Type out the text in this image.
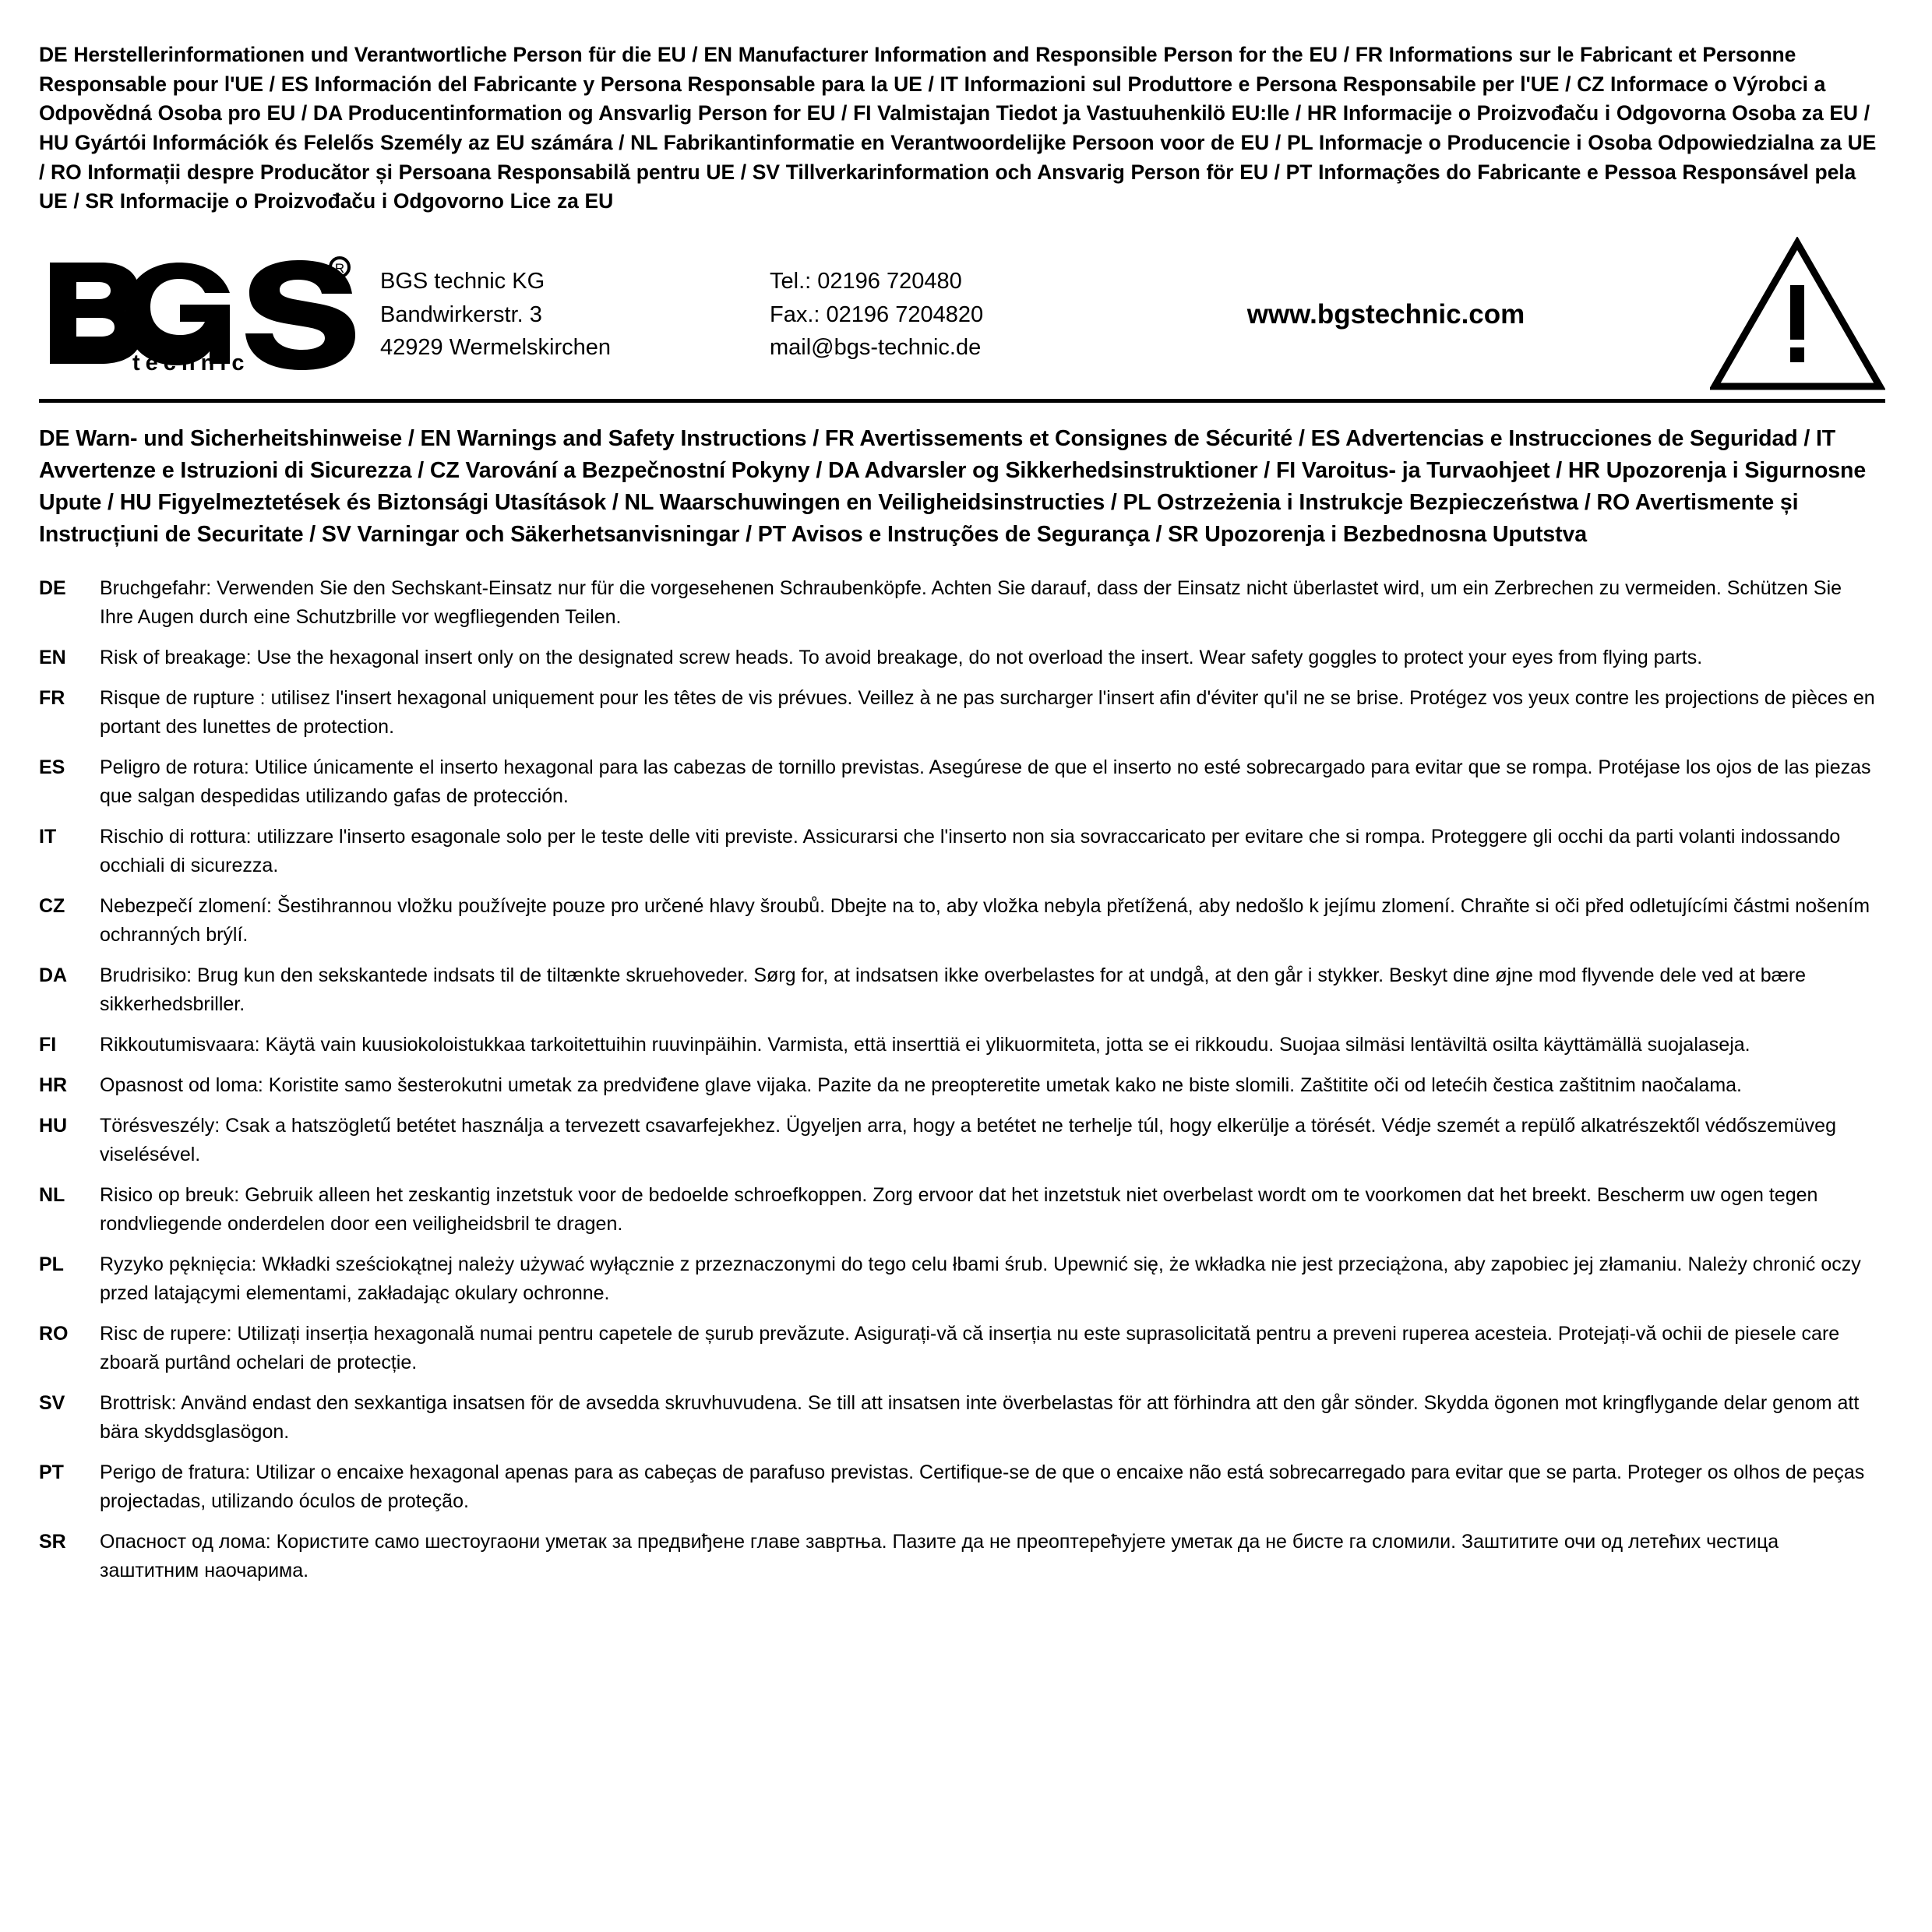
DE Herstellerinformationen und Verantwortliche Person für die EU / EN Manufacturer Information and Responsible Person for the EU / FR Informations sur le Fabricant et Personne Responsable pour l'UE / ES Información del Fabricante y Persona Responsable para la UE / IT Informazioni sul Produttore e Persona Responsabile per l'UE / CZ Informace o Výrobci a Odpovědná Osoba pro EU / DA Producentinformation og Ansvarlig Person for EU / FI Valmistajan Tiedot ja Vastuuhenkilö EU:lle / HR Informacije o Proizvođaču i Odgovorna Osoba za EU / HU Gyártói Információk és Felelős Személy az EU számára / NL Fabrikantinformatie en Verantwoordelijke Persoon voor de EU / PL Informacje o Producencie i Osoba Odpowiedzialna za UE / RO Informații despre Producător și Persoana Responsabilă pentru UE / SV Tillverkarinformation och Ansvarig Person för EU / PT Informações do Fabricante e Pessoa Responsável pela UE / SR Informacije o Proizvođaču i Odgovorno Lice za EU
R
technic
BGS technic KG
Bandwirkerstr. 3
42929 Wermelskirchen
Tel.: 02196 720480
Fax.: 02196 7204820
mail@bgs-technic.de
www.bgstechnic.com
DE Warn- und Sicherheitshinweise / EN Warnings and Safety Instructions / FR Avertissements et Consignes de Sécurité / ES Advertencias e Instrucciones de Seguridad / IT Avvertenze e Istruzioni di Sicurezza / CZ Varování a Bezpečnostní Pokyny / DA Advarsler og Sikkerhedsinstruktioner / FI Varoitus- ja Turvaohjeet / HR Upozorenja i Sigurnosne Upute / HU Figyelmeztetések és Biztonsági Utasítások / NL Waarschuwingen en Veiligheidsinstructies / PL Ostrzeżenia i Instrukcje Bezpieczeństwa / RO Avertismente și Instrucțiuni de Securitate / SV Varningar och Säkerhetsanvisningar / PT Avisos e Instruções de Segurança / SR Upozorenja i Bezbednosna Uputstva
DE	Bruchgefahr: Verwenden Sie den Sechskant-Einsatz nur für die vorgesehenen Schraubenköpfe. Achten Sie darauf, dass der Einsatz nicht überlastet wird, um ein Zerbrechen zu vermeiden. Schützen Sie Ihre Augen durch eine Schutzbrille vor wegfliegenden Teilen.
EN	Risk of breakage: Use the hexagonal insert only on the designated screw heads. To avoid breakage, do not overload the insert. Wear safety goggles to protect your eyes from flying parts.
FR	Risque de rupture : utilisez l'insert hexagonal uniquement pour les têtes de vis prévues. Veillez à ne pas surcharger l'insert afin d'éviter qu'il ne se brise. Protégez vos yeux contre les projections de pièces en portant des lunettes de protection.
ES	Peligro de rotura: Utilice únicamente el inserto hexagonal para las cabezas de tornillo previstas. Asegúrese de que el inserto no esté sobrecargado para evitar que se rompa. Protéjase los ojos de las piezas que salgan despedidas utilizando gafas de protección.
IT	Rischio di rottura: utilizzare l'inserto esagonale solo per le teste delle viti previste. Assicurarsi che l'inserto non sia sovraccaricato per evitare che si rompa. Proteggere gli occhi da parti volanti indossando occhiali di sicurezza.
CZ	Nebezpečí zlomení: Šestihrannou vložku používejte pouze pro určené hlavy šroubů. Dbejte na to, aby vložka nebyla přetížená, aby nedošlo k jejímu zlomení. Chraňte si oči před odletujícími částmi nošením ochranných brýlí.
DA	Brudrisiko: Brug kun den sekskantede indsats til de tiltænkte skruehoveder. Sørg for, at indsatsen ikke overbelastes for at undgå, at den går i stykker. Beskyt dine øjne mod flyvende dele ved at bære sikkerhedsbriller.
FI	Rikkoutumisvaara: Käytä vain kuusiokoloistukkaa tarkoitettuihin ruuvinpäihin. Varmista, että inserttiä ei ylikuormiteta, jotta se ei rikkoudu. Suojaa silmäsi lentäviltä osilta käyttämällä suojalaseja.
HR	Opasnost od loma: Koristite samo šesterokutni umetak za predviđene glave vijaka. Pazite da ne preopteretite umetak kako ne biste slomili. Zaštitite oči od letećih čestica zaštitnim naočalama.
HU	Törésveszély: Csak a hatszögletű betétet használja a tervezett csavarfejekhez. Ügyeljen arra, hogy a betétet ne terhelje túl, hogy elkerülje a törését. Védje szemét a repülő alkatrészektől védőszemüveg viselésével.
NL	Risico op breuk: Gebruik alleen het zeskantig inzetstuk voor de bedoelde schroefkoppen. Zorg ervoor dat het inzetstuk niet overbelast wordt om te voorkomen dat het breekt. Bescherm uw ogen tegen rondvliegende onderdelen door een veiligheidsbril te dragen.
PL	Ryzyko pęknięcia: Wkładki sześciokątnej należy używać wyłącznie z przeznaczonymi do tego celu łbami śrub. Upewnić się, że wkładka nie jest przeciążona, aby zapobiec jej złamaniu. Należy chronić oczy przed latającymi elementami, zakładając okulary ochronne.
RO	Risc de rupere: Utilizați inserția hexagonală numai pentru capetele de șurub prevăzute. Asigurați-vă că inserția nu este suprasolicitată pentru a preveni ruperea acesteia. Protejați-vă ochii de piesele care zboară purtând ochelari de protecție.
SV	Brottrisk: Använd endast den sexkantiga insatsen för de avsedda skruvhuvudena. Se till att insatsen inte överbelastas för att förhindra att den går sönder. Skydda ögonen mot kringflygande delar genom att bära skyddsglasögon.
PT	Perigo de fratura: Utilizar o encaixe hexagonal apenas para as cabeças de parafuso previstas. Certifique-se de que o encaixe não está sobrecarregado para evitar que se parta. Proteger os olhos de peças projectadas, utilizando óculos de proteção.
SR	Опасност од лома: Користите само шестоугаони уметак за предвиђене главе завртња. Пазите да не преоптерећујете уметак да не бисте га сломили. Заштитите очи од летећих честица заштитним наочарима.
